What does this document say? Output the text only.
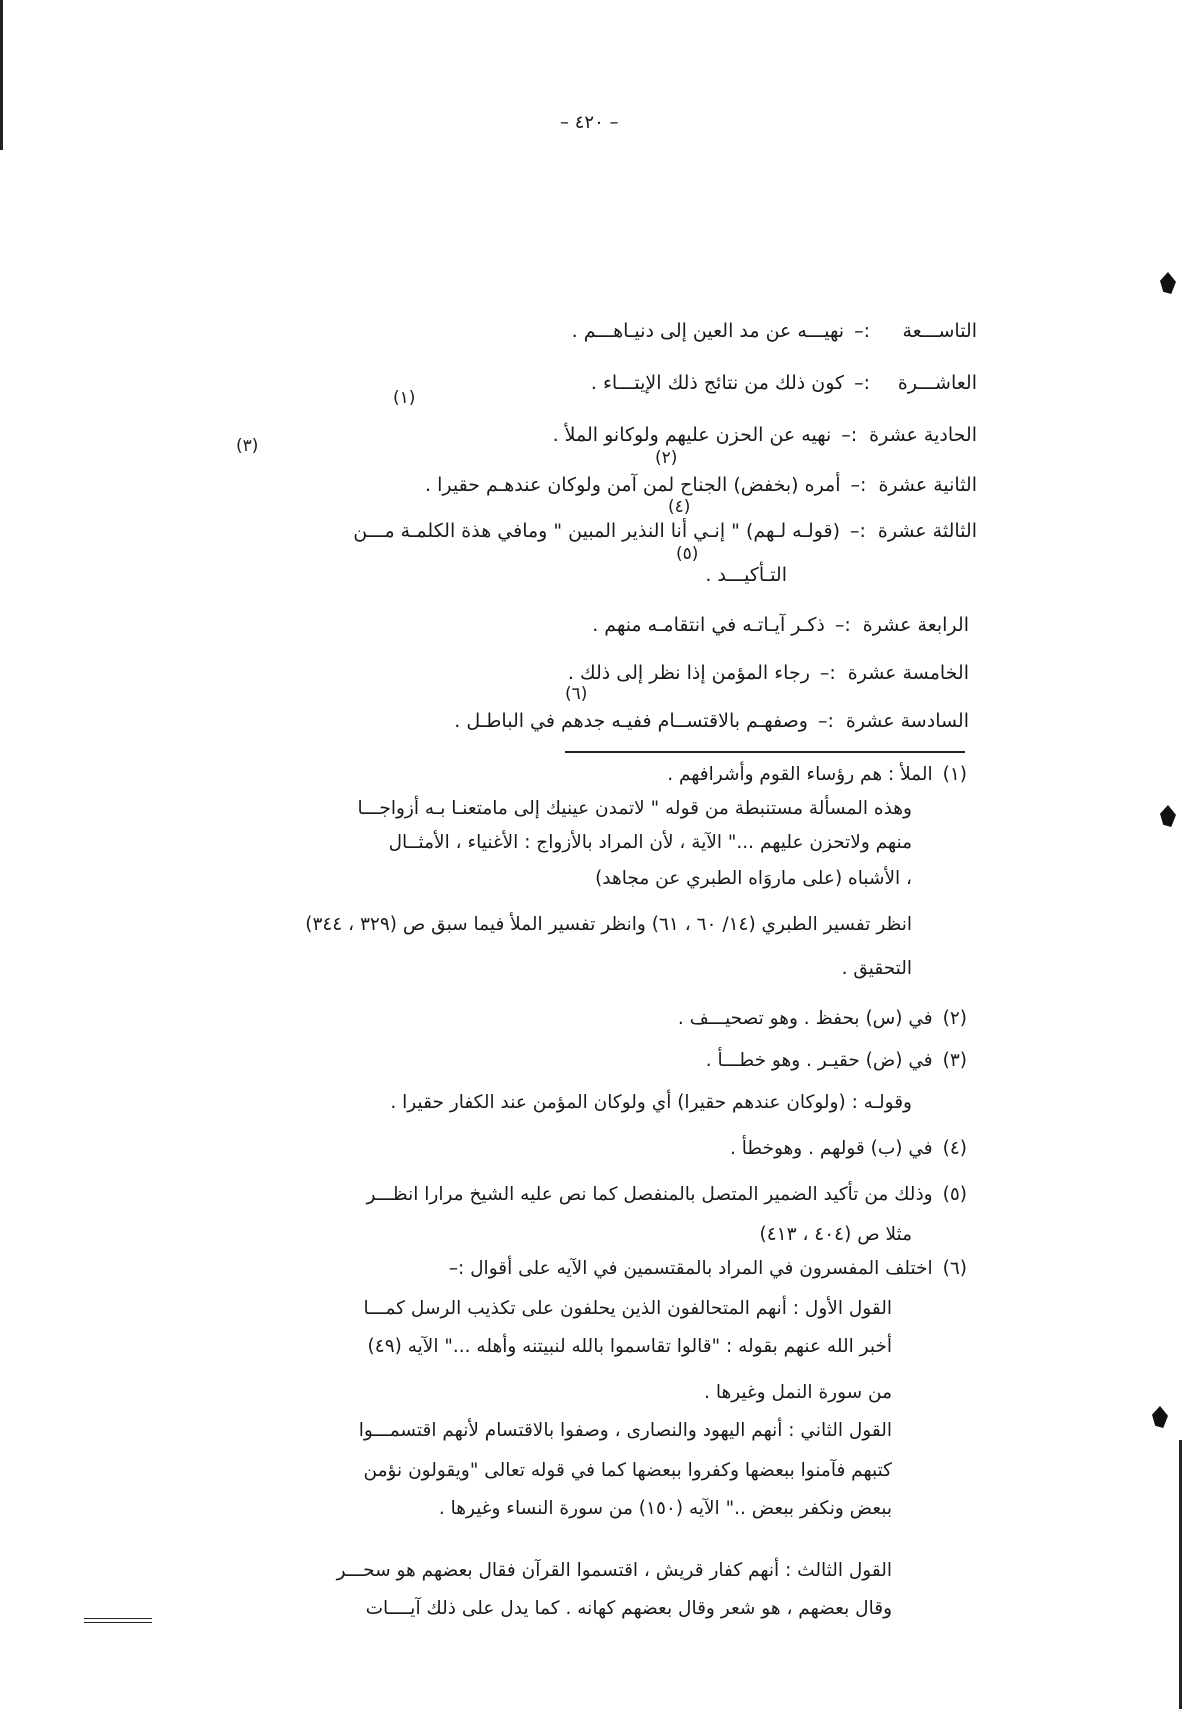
– ٤٢٠ –
التاســـعة:–نهيـــه عن مد العين إلى دنيـاهـــم .
العاشـــرة:–كون ذلك من نتائج ذلك الإيتـــاء .
الحادية عشرة:–نهيه عن الحزن عليهم ولوكانو الملأ .
الثانية عشرة:–أمره (بخفض) الجناح لمن آمن ولوكان عندهـم حقيرا .
الثالثة عشرة:–(قولـه لـهم) " إنـي أنا النذير المبين " ومافي هذة الكلمـة مـــن
التـأكيـــد .
الرابعة عشرة:–ذكـر آيـاتـه في انتقامـه منهم .
الخامسة عشرة:–رجاء المؤمن إذا نظر إلى ذلك .
السادسة عشرة:–وصفهـم بالاقتســام ففيـه جدهم في الباطـل .
(١)
(٢)
(٣)
(٤)
(٥)
(٦)
(١)الملأ : هم رؤساء القوم وأشرافهم .
وهذه المسألة مستنبطة من قوله " لاتمدن عينيك إلى مامتعنـا بـه أزواجـــا
منهم ولاتحزن عليهم ..." الآية ، لأن المراد بالأزواج : الأغنياء ، الأمثــال
، الأشباه (على ماروَاه الطبري عن مجاهد)
انظر تفسير الطبري (١٤/ ٦٠ ، ٦١) وانظر تفسير الملأ فيما سبق ص (٣٢٩ ، ٣٤٤)
التحقيق .
(٢)في (س) بحفظ . وهو تصحيـــف .
(٣)في (ض) حقيـر . وهو خطـــأ .
وقولـه : (ولوكان عندهم حقيرا) أي ولوكان المؤمن عند الكفار حقيرا .
(٤)في (ب) قولهم . وهوخطأ .
(٥)وذلك من تأكيد الضمير المتصل بالمنفصل كما نص عليه الشيخ مرارا انظـــر
مثلا ص (٤٠٤ ، ٤١٣)
(٦)اختلف المفسرون في المراد بالمقتسمين في الآيه على أقوال :–
القول الأول : أنهم المتحالفون الذين يحلفون على تكذيب الرسل كمـــا
أخبر الله عنهم بقوله : "قالوا تقاسموا بالله لنبيتنه وأهله ..." الآيه (٤٩)
من سورة النمل وغيرها .
القول الثاني : أنهم اليهود والنصارى ، وصفوا بالاقتسام لأنهم اقتسمـــوا
كتبهم فآمنوا ببعضها وكفروا ببعضها كما في قوله تعالى "ويقولون نؤمن
ببعض ونكفر ببعض .." الآيه (١٥٠) من سورة النساء وغيرها .
القول الثالث : أنهم كفار قريش ، اقتسموا القرآن فقال بعضهم هو سحـــر
وقال بعضهم ، هو شعر وقال بعضهم كهانه . كما يدل على ذلك آيــــات
